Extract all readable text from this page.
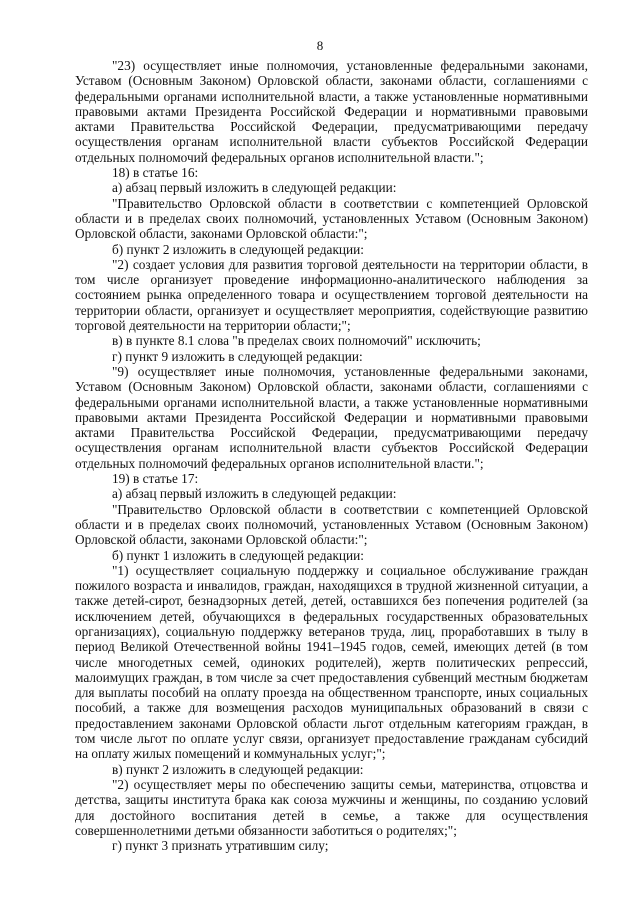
8

"23) осуществляет иные полномочия, установленные федеральными законами, Уставом (Основным Законом) Орловской области, законами области, соглашениями с федеральными органами исполнительной власти, а также установленные нормативными правовыми актами Президента Российской Федерации и нормативными правовыми актами Правительства Российской Федерации, предусматривающими передачу осуществления органам исполнительной власти субъектов Российской Федерации отдельных полномочий федеральных органов исполнительной власти.";

18) в статье 16:

а) абзац первый изложить в следующей редакции:

"Правительство Орловской области в соответствии с компетенцией Орловской области и в пределах своих полномочий, установленных Уставом (Основным Законом) Орловской области, законами Орловской области:";

б) пункт 2 изложить в следующей редакции:

"2) создает условия для развития торговой деятельности на территории области, в том числе организует проведение информационно-аналитического наблюдения за состоянием рынка определенного товара и осуществлением торговой деятельности на территории области, организует и осуществляет мероприятия, содействующие развитию торговой деятельности на территории области;";

в) в пункте 8.1 слова "в пределах своих полномочий" исключить;

г) пункт 9 изложить в следующей редакции:

"9) осуществляет иные полномочия, установленные федеральными законами, Уставом (Основным Законом) Орловской области, законами области, соглашениями с федеральными органами исполнительной власти, а также установленные нормативными правовыми актами Президента Российской Федерации и нормативными правовыми актами Правительства Российской Федерации, предусматривающими передачу осуществления органам исполнительной власти субъектов Российской Федерации отдельных полномочий федеральных органов исполнительной власти.";

19) в статье 17:

а) абзац первый изложить в следующей редакции:

"Правительство Орловской области в соответствии с компетенцией Орловской области и в пределах своих полномочий, установленных Уставом (Основным Законом) Орловской области, законами Орловской области:";

б) пункт 1 изложить в следующей редакции:

"1) осуществляет социальную поддержку и социальное обслуживание граждан пожилого возраста и инвалидов, граждан, находящихся в трудной жизненной ситуации, а также детей-сирот, безнадзорных детей, детей, оставшихся без попечения родителей (за исключением детей, обучающихся в федеральных государственных образовательных организациях), социальную поддержку ветеранов труда, лиц, проработавших в тылу в период Великой Отечественной войны 1941–1945 годов, семей, имеющих детей (в том числе многодетных семей, одиноких родителей), жертв политических репрессий, малоимущих граждан, в том числе за счет предоставления субвенций местным бюджетам для выплаты пособий на оплату проезда на общественном транспорте, иных социальных пособий, а также для возмещения расходов муниципальных образований в связи с предоставлением законами Орловской области льгот отдельным категориям граждан, в том числе льгот по оплате услуг связи, организует предоставление гражданам субсидий на оплату жилых помещений и коммунальных услуг;";

в) пункт 2 изложить в следующей редакции:

"2) осуществляет меры по обеспечению защиты семьи, материнства, отцовства и детства, защиты института брака как союза мужчины и женщины, по созданию условий для достойного воспитания детей в семье, а также для осуществления совершеннолетними детьми обязанности заботиться о родителях;";

г) пункт 3 признать утратившим силу;
